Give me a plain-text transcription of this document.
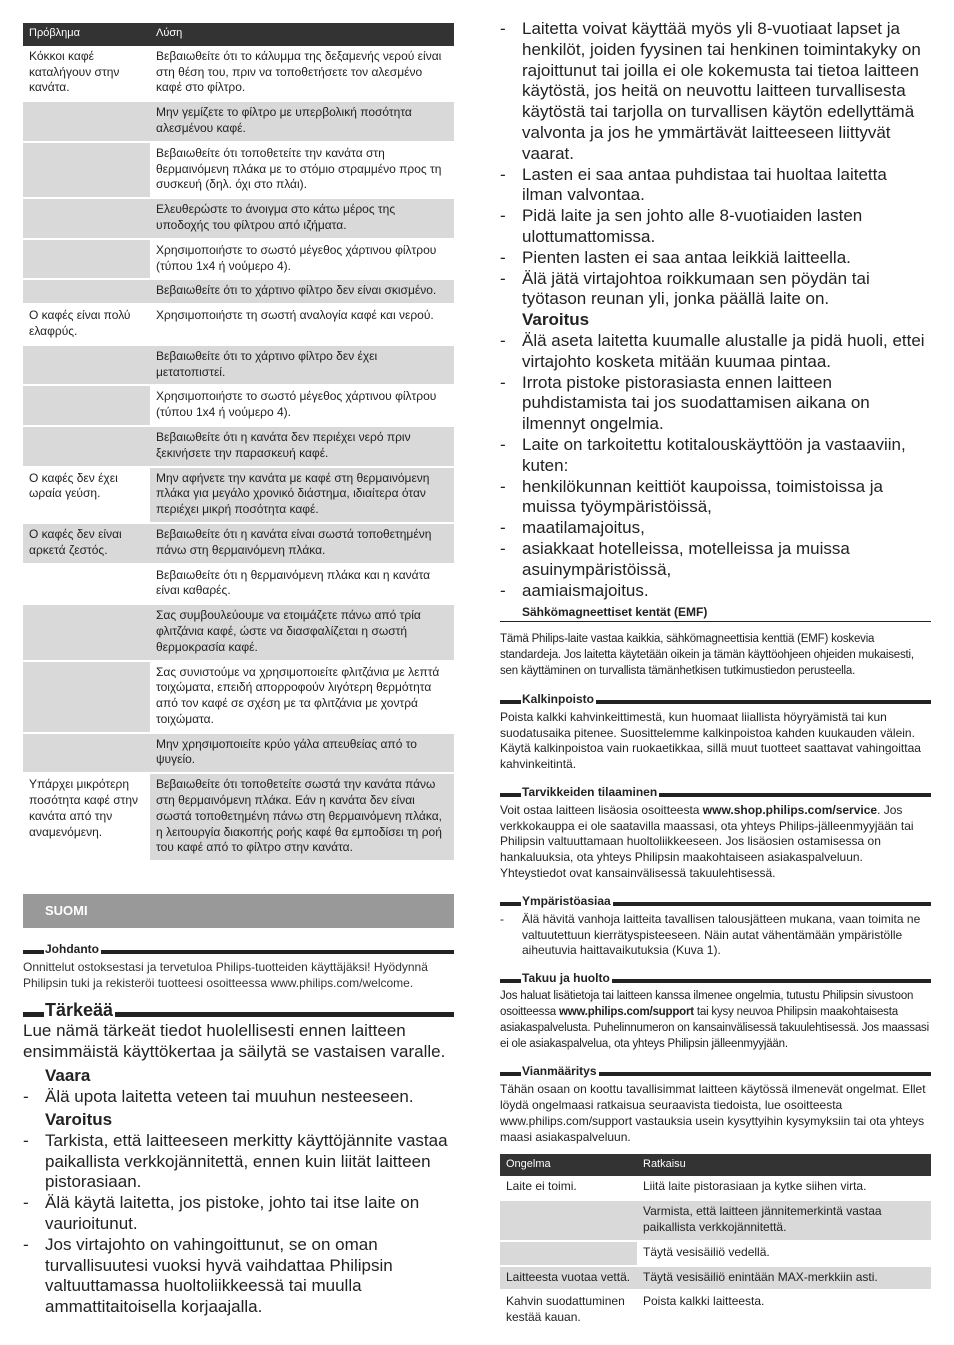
Πρόβλημα	Λύση
Κόκκοι καφέ καταλήγουν στην κανάτα.	Βεβαιωθείτε ότι το κάλυμμα της δεξαμενής νερού είναι στη θέση του, πριν να τοποθετήσετε τον αλεσμένο καφέ στο φίλτρο.
	Μην γεμίζετε το φίλτρο με υπερβολική ποσότητα αλεσμένου καφέ.
	Βεβαιωθείτε ότι τοποθετείτε την κανάτα στη θερμαινόμενη πλάκα με το στόμιο στραμμένο προς τη συσκευή (δηλ. όχι στο πλάι).
	Ελευθερώστε το άνοιγμα στο κάτω μέρος της υποδοχής του φίλτρου από ιζήματα.
	Χρησιμοποιήστε το σωστό μέγεθος χάρτινου φίλτρου (τύπου 1x4 ή νούμερο 4).
	Βεβαιωθείτε ότι το χάρτινο φίλτρο δεν είναι σκισμένο.
Ο καφές είναι πολύ ελαφρύς.	Χρησιμοποιήστε τη σωστή αναλογία καφέ και νερού.
	Βεβαιωθείτε ότι το χάρτινο φίλτρο δεν έχει μετατοπιστεί.
	Χρησιμοποιήστε το σωστό μέγεθος χάρτινου φίλτρου (τύπου 1x4 ή νούμερο 4).
	Βεβαιωθείτε ότι η κανάτα δεν περιέχει νερό πριν ξεκινήσετε την παρασκευή καφέ.
Ο καφές δεν έχει ωραία γεύση.	Μην αφήνετε την κανάτα με καφέ στη θερμαινόμενη πλάκα για μεγάλο χρονικό διάστημα, ιδιαίτερα όταν περιέχει μικρή ποσότητα καφέ.
Ο καφές δεν είναι αρκετά ζεστός.	Βεβαιωθείτε ότι η κανάτα είναι σωστά τοποθετημένη πάνω στη θερμαινόμενη πλάκα.
	Βεβαιωθείτε ότι η θερμαινόμενη πλάκα και η κανάτα είναι καθαρές.
	Σας συμβουλεύουμε να ετοιμάζετε πάνω από τρία φλιτζάνια καφέ, ώστε να διασφαλίζεται η σωστή θερμοκρασία καφέ.
	Σας συνιστούμε να χρησιμοποιείτε φλιτζάνια με λεπτά τοιχώματα, επειδή απορροφούν λιγότερη θερμότητα από τον καφέ σε σχέση με τα φλιτζάνια με χοντρά τοιχώματα.
	Μην χρησιμοποιείτε κρύο γάλα απευθείας από το ψυγείο.
Υπάρχει μικρότερη ποσότητα καφέ στην κανάτα από την αναμενόμενη.	Βεβαιωθείτε ότι τοποθετείτε σωστά την κανάτα πάνω στη θερμαινόμενη πλάκα. Εάν η κανάτα δεν είναι σωστά τοποθετημένη πάνω στη θερμαινόμενη πλάκα, η λειτουργία διακοπής ροής καφέ θα εμποδίσει τη ροή του καφέ από το φίλτρο στην κανάτα.
SUOMI
Johdanto
Onnittelut ostoksestasi ja tervetuloa Philips-tuotteiden käyttäjäksi! Hyödynnä Philipsin tuki ja rekisteröi tuotteesi osoitteessa www.philips.com/welcome.
Tärkeää
Lue nämä tärkeät tiedot huolellisesti ennen laitteen ensimmäistä käyttökertaa ja säilytä se vastaisen varalle.
Vaara
- Älä upota laitetta veteen tai muuhun nesteeseen.
Varoitus
- Tarkista, että laitteeseen merkitty käyttöjännite vastaa paikallista verkkojännitettä, ennen kuin liität laitteen pistorasiaan.
- Älä käytä laitetta, jos pistoke, johto tai itse laite on vaurioitunut.
- Jos virtajohto on vahingoittunut, se on oman turvallisuutesi vuoksi hyvä vaihdattaa Philipsin valtuuttamassa huoltoliikkeessä tai muulla ammattitaitoisella korjaajalla.
- Laitetta voivat käyttää myös yli 8-vuotiaat lapset ja henkilöt, joiden fyysinen tai henkinen toimintakyky on rajoittunut tai joilla ei ole kokemusta tai tietoa laitteen käytöstä, jos heitä on neuvottu laitteen turvallisesta käytöstä tai tarjolla on turvallisen käytön edellyttämä valvonta ja jos he ymmärtävät laitteeseen liittyvät vaarat.
- Lasten ei saa antaa puhdistaa tai huoltaa laitetta ilman valvontaa.
- Pidä laite ja sen johto alle 8-vuotiaiden lasten ulottumattomissa.
- Pienten lasten ei saa antaa leikkiä laitteella.
- Älä jätä virtajohtoa roikkumaan sen pöydän tai työtason reunan yli, jonka päällä laite on.
Varoitus
- Älä aseta laitetta kuumalle alustalle ja pidä huoli, ettei virtajohto kosketa mitään kuumaa pintaa.
- Irrota pistoke pistorasiasta ennen laitteen puhdistamista tai jos suodattamisen aikana on ilmennyt ongelmia.
- Laite on tarkoitettu kotitalouskäyttöön ja vastaaviin, kuten:
- henkilökunnan keittiöt kaupoissa, toimistoissa ja muissa työympäristöissä,
- maatilamajoitus,
- asiakkaat hotelleissa, motelleissa ja muissa asuinympäristöissä,
- aamiaismajoitus.
Sähkömagneettiset kentät (EMF)
Tämä Philips-laite vastaa kaikkia, sähkömagneettisia kenttiä (EMF) koskevia standardeja. Jos laitetta käytetään oikein ja tämän käyttöohjeen ohjeiden mukaisesti, sen käyttäminen on turvallista tämänhetkisen tutkimustiedon perusteella.
Kalkinpoisto
Poista kalkki kahvinkeittimestä, kun huomaat liiallista höyryämistä tai kun suodatusaika pitenee. Suosittelemme kalkinpoistoa kahden kuukauden välein. Käytä kalkinpoistoa vain ruokaetikkaa, sillä muut tuotteet saattavat vahingoittaa kahvinkeitintä.
Tarvikkeiden tilaaminen
Voit ostaa laitteen lisäosia osoitteesta www.shop.philips.com/service. Jos verkkokauppa ei ole saatavilla maassasi, ota yhteys Philips-jälleenmyyjään tai Philipsin valtuuttamaan huoltoliikkeeseen. Jos lisäosien ostamisessa on hankaluuksia, ota yhteys Philipsin maakohtaiseen asiakaspalveluun. Yhteystiedot ovat kansainvälisessä takuulehtisessä.
Ympäristöasiaa
- Älä hävitä vanhoja laitteita tavallisen talousjätteen mukana, vaan toimita ne valtuutettuun kierrätyspisteeseen. Näin autat vähentämään ympäristölle aiheutuvia haittavaikutuksia (Kuva 1).
Takuu ja huolto
Jos haluat lisätietoja tai laitteen kanssa ilmenee ongelmia, tutustu Philipsin sivustoon osoitteessa www.philips.com/support tai kysy neuvoa Philipsin maakohtaisesta asiakaspalvelusta. Puhelinnumeron on kansainvälisessä takuulehtisessä. Jos maassasi ei ole asiakaspalvelua, ota yhteys Philipsin jälleenmyyjään.
Vianmääritys
Tähän osaan on koottu tavallisimmat laitteen käytössä ilmenevät ongelmat. Ellet löydä ongelmaasi ratkaisua seuraavista tiedoista, lue osoitteesta www.philips.com/support vastauksia usein kysyttyihin kysymyksiin tai ota yhteys maasi asiakaspalveluun.
Ongelma	Ratkaisu
Laite ei toimi.	Liitä laite pistorasiaan ja kytke siihen virta.
	Varmista, että laitteen jännitemerkintä vastaa paikallista verkkojännitettä.
	Täytä vesisäiliö vedellä.
Laitteesta vuotaa vettä.	Täytä vesisäiliö enintään MAX-merkkiin asti.
Kahvin suodattuminen kestää kauan.	Poista kalkki laitteesta.
